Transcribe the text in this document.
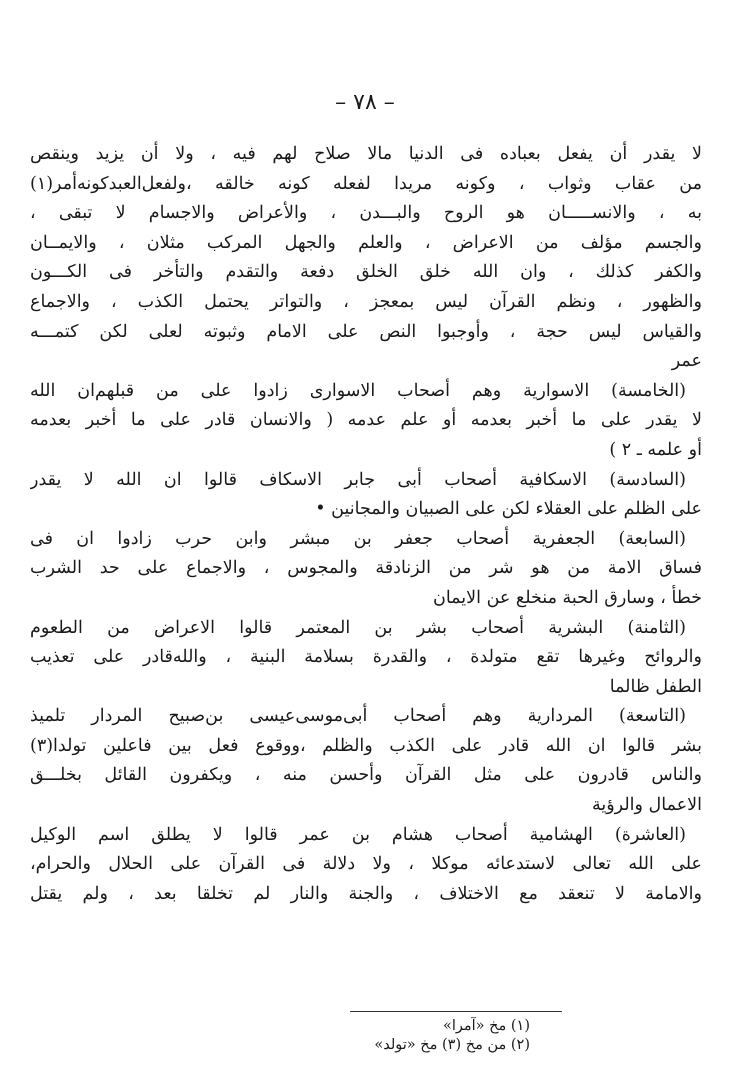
– ٧٨ –
لا يقدر أن يفعل بعباده فى الدنيا مالا صلاح لهم فيه ، ولا أن يزيد وينقص
من عقاب وثواب ، وكونه مريدا لفعله كونه خالقه ،ولفعل‌العبدكونه‌أمر(١)
به ، والانســـــان هو الروح والبـــدن ، والأعراض والاجسام لا تبقى ،
والجسم مؤلف من الاعراض ، والعلم والجهل المركب مثلان ، والايمــان
والكفر كذلك ، وان الله خلق الخلق دفعة والتقدم والتأخر فى الكـــون
والظهور ، ونظم القرآن ليس بمعجز ، والتواتر يحتمل الكذب ، والاجماع
والقياس ليس حجة ، وأوجبوا النص على الامام وثبوته لعلى لكن كتمـــه
عمر
(الخامسة) الاسوارية وهم أصحاب الاسوارى زادوا على من قبلهم‌ان الله
لا يقدر على ما أخبر بعدمه أو علم عدمه ( والانسان قادر على ما أخبر بعدمه
أو علمه ـ ٢ )
(السادسة) الاسكافية أصحاب أبى جابر الاسكاف قالوا ان الله لا يقدر
على الظلم على العقلاء لكن على الصبيان والمجانين •
(السابعة) الجعفرية أصحاب جعفر بن مبشر وابن حرب زادوا ان فى
فساق الامة من هو شر من الزنادقة والمجوس ، والاجماع على حد الشرب
خطأ ، وسارق الحبة منخلع عن الايمان
(الثامنة) البشرية أصحاب بشر بن المعتمر قالوا الاعراض من الطعوم
والروائح وغيرها تقع متولدة ، والقدرة بسلامة البنية ، والله‌قادر على تعذيب
الطفل ظالما
(التاسعة) المردارية وهم أصحاب أبى‌موسى‌عيسى بن‌صبيح المردار تلميذ
بشر قالوا ان الله قادر على الكذب والظلم ،ووقوع فعل بين فاعلين تولدا(٣)
والناس قادرون على مثل القرآن وأحسن منه ، ويكفرون القائل بخلـــق
الاعمال والرؤية
(العاشرة) الهشامية أصحاب هشام بن عمر قالوا لا يطلق اسم الوكيل
على الله تعالى لاستدعائه موكلا ، ولا دلالة فى القرآن على الحلال والحرام،
والامامة لا تنعقد مع الاختلاف ، والجنة والنار لم تخلقا بعد ، ولم يقتل
(١) مخ «آمرا»
(٢) من مخ (٣) مخ «تولد»
